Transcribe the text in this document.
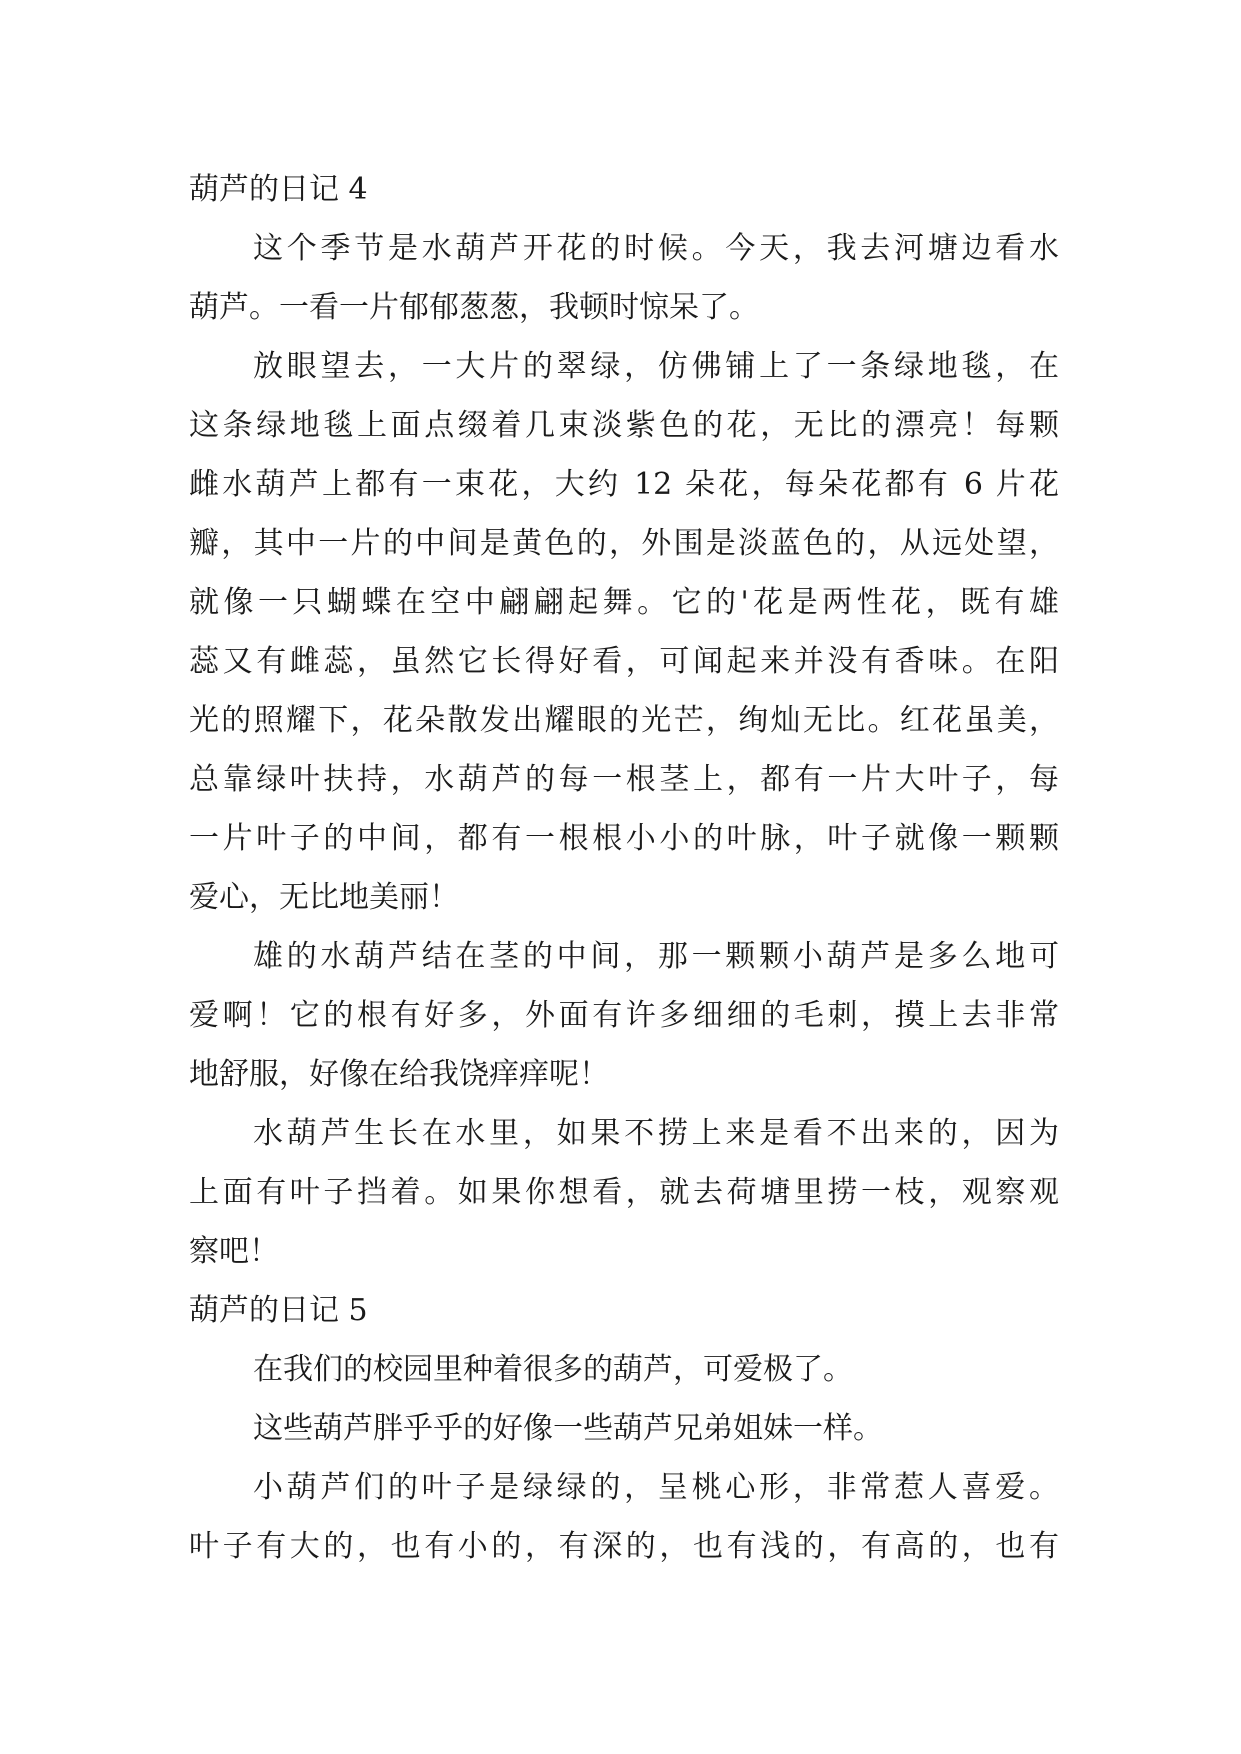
葫芦的日记 4
这个季节是水葫芦开花的时候。今天，我去河塘边看水
葫芦。一看一片郁郁葱葱，我顿时惊呆了。
放眼望去，一大片的翠绿，仿佛铺上了一条绿地毯，在
这条绿地毯上面点缀着几束淡紫色的花，无比的漂亮！每颗
雌水葫芦上都有一束花，大约 12 朵花，每朵花都有 6 片花
瓣，其中一片的中间是黄色的，外围是淡蓝色的，从远处望，
就像一只蝴蝶在空中翩翩起舞。它的'花是两性花，既有雄
蕊又有雌蕊，虽然它长得好看，可闻起来并没有香味。在阳
光的照耀下，花朵散发出耀眼的光芒，绚灿无比。红花虽美，
总靠绿叶扶持，水葫芦的每一根茎上，都有一片大叶子，每
一片叶子的中间，都有一根根小小的叶脉，叶子就像一颗颗
爱心，无比地美丽！
雄的水葫芦结在茎的中间，那一颗颗小葫芦是多么地可
爱啊！它的根有好多，外面有许多细细的毛刺，摸上去非常
地舒服，好像在给我饶痒痒呢！
水葫芦生长在水里，如果不捞上来是看不出来的，因为
上面有叶子挡着。如果你想看，就去荷塘里捞一枝，观察观
察吧！
葫芦的日记 5
在我们的校园里种着很多的葫芦，可爱极了。
这些葫芦胖乎乎的好像一些葫芦兄弟姐妹一样。
小葫芦们的叶子是绿绿的，呈桃心形，非常惹人喜爱。
叶子有大的，也有小的，有深的，也有浅的，有高的，也有
